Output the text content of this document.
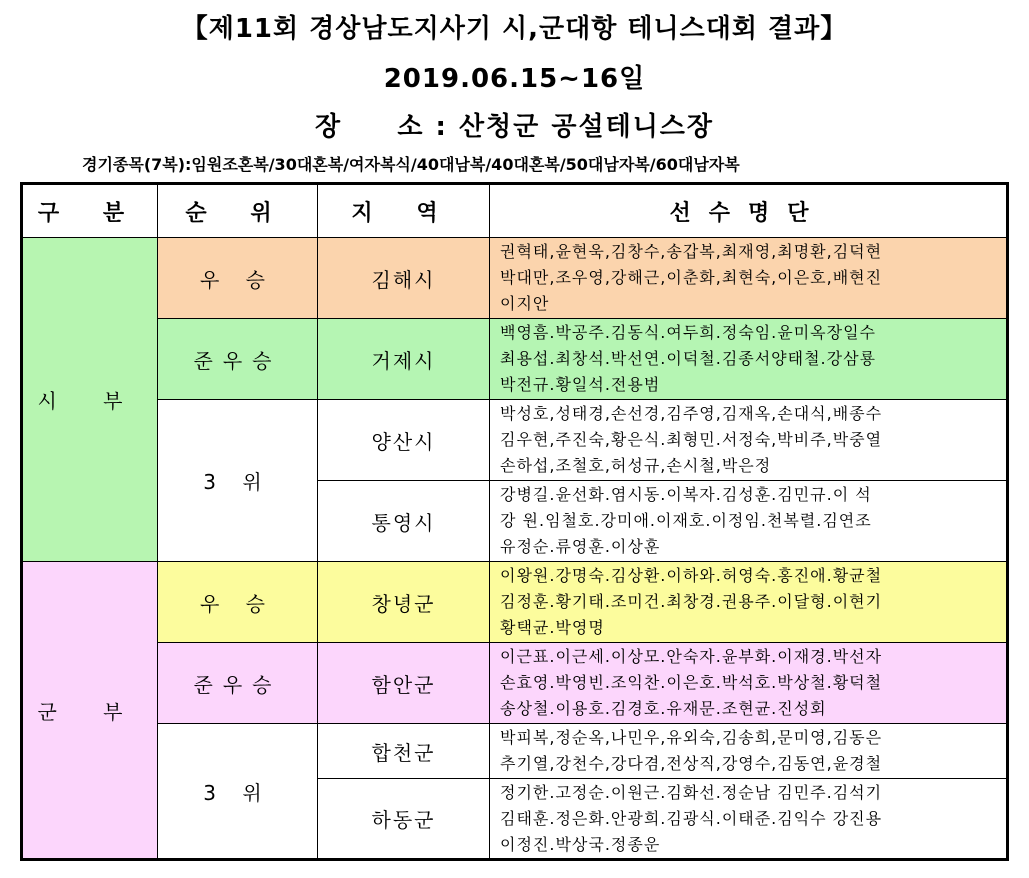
【제11회 경상남도지사기 시,군대항 테니스대회 결과】
2019.06.15~16일
장     소 : 산청군 공설테니스장
경기종목(7복):임원조혼복/30대혼복/여자복식/40대남복/40대혼복/50대남자복/60대남자복
구 분	순 위	지 역	선수명단
시 부	우 승	김해시	권혁태,윤현욱,김창수,송갑복,최재영,최명환,김덕현
박대만,조우영,강해근,이춘화,최현숙,이은호,배현진
이지안

	준우승	거제시	백영흠.박공주.김동식.여두희.정숙임.윤미옥장일수
최용섭.최창석.박선연.이덕철.김종서양태철.강삼룡
박전규.황일석.전용범

	3 위	양산시	박성호,성태경,손선경,김주영,김재옥,손대식,배종수
김우현,주진숙,황은식.최형민.서정숙,박비주,박중열
손하섭,조철호,허성규,손시철,박은정

		통영시	강병길.윤선화.염시동.이복자.김성훈.김민규.이 석
강 원.임철호.강미애.이재호.이정임.천복렬.김연조
유정순.류영훈.이상훈

군 부	우 승	창녕군	이왕원.강명숙.김상환.이하와.허영숙.홍진애.황균철
김정훈.황기태.조미건.최창경.권용주.이달형.이현기
황택균.박영명

	준우승	함안군	이근표.이근세.이상모.안숙자.윤부화.이재경.박선자
손효영.박영빈.조익찬.이은호.박석호.박상철.황덕철
송상철.이용호.김경호.유재문.조현균.진성회

	3 위	합천군	박피복,정순옥,나민우,유외숙,김송희,문미영,김동은
추기열,강천수,강다겸,전상직,강영수,김동연,윤경철

		하동군	정기한.고정순.이원근.김화선.정순남 김민주.김석기
김태훈.정은화.안광희.김광식.이태준.김익수 강진용
이정진.박상국.정종운
